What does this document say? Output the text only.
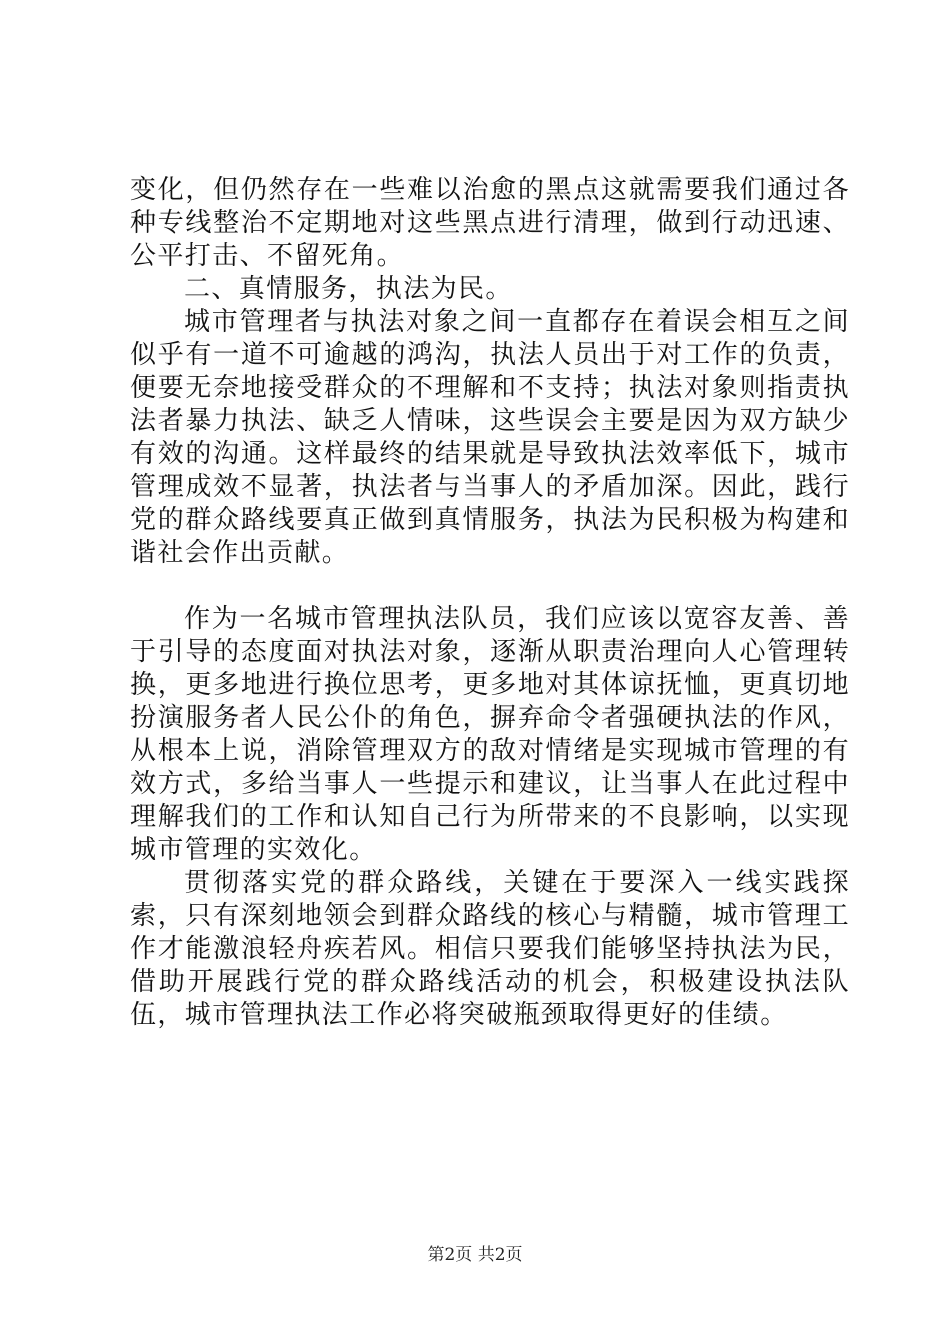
变化，但仍然存在一些难以治愈的黑点这就需要我们通过各种专线整治不定期地对这些黑点进行清理，做到行动迅速、公平打击、不留死角。

二、真情服务，执法为民。

城市管理者与执法对象之间一直都存在着误会相互之间似乎有一道不可逾越的鸿沟，执法人员出于对工作的负责，便要无奈地接受群众的不理解和不支持；执法对象则指责执法者暴力执法、缺乏人情味，这些误会主要是因为双方缺少有效的沟通。这样最终的结果就是导致执法效率低下，城市管理成效不显著，执法者与当事人的矛盾加深。因此，践行党的群众路线要真正做到真情服务，执法为民积极为构建和谐社会作出贡献。

作为一名城市管理执法队员，我们应该以宽容友善、善于引导的态度面对执法对象，逐渐从职责治理向人心管理转换，更多地进行换位思考，更多地对其体谅抚恤，更真切地扮演服务者人民公仆的角色，摒弃命令者强硬执法的作风，从根本上说，消除管理双方的敌对情绪是实现城市管理的有效方式，多给当事人一些提示和建议，让当事人在此过程中理解我们的工作和认知自己行为所带来的不良影响，以实现城市管理的实效化。

贯彻落实党的群众路线，关键在于要深入一线实践探索，只有深刻地领会到群众路线的核心与精髓，城市管理工作才能激浪轻舟疾若风。相信只要我们能够坚持执法为民，借助开展践行党的群众路线活动的机会，积极建设执法队伍，城市管理执法工作必将突破瓶颈取得更好的佳绩。

第2页 共2页
